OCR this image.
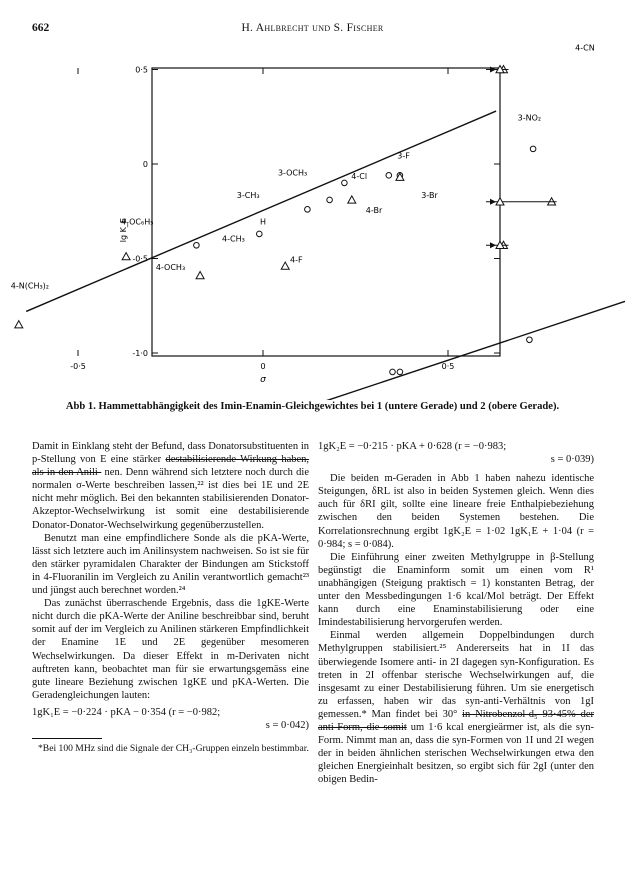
662	H. Ahlbrecht und S. Fischer
-0·5	0	0·5
0·5
0
-0·5
-1·0
σ
lg K_E
4-CN
3-NO₂
3-F
3-OCH₃	4-Cl
3-CH₃	3-Br
4-Br
4-OC₆H₅	H
4-CH₃
4-F
4-OCH₃
4-N(CH₃)₂
Abb 1. Hammettabhängigkeit des Imin-Enamin-Gleichgewichtes bei 1 (untere Gerade) und 2 (obere Gerade).

Damit in Einklang steht der Befund, dass Donatorsubstituenten in p-Stellung von E eine stärker destabilisierende Wirkung haben, als in den Anili- nen. Denn während sich letztere noch durch die normalen σ-Werte beschreiben lassen,²² ist dies bei 1E und 2E nicht mehr möglich. Bei den bekannten stabilisierenden Donator-Akzeptor-Wechselwirkung ist somit eine destabilisierende Donator-Donator-Wechselwirkung gegenüberzustellen.

Benutzt man eine empfindlichere Sonde als die pKA-Werte, lässt sich letztere auch im Anilinsystem nachweisen. So ist sie für den stärker pyramidalen Charakter der Bindungen am Stickstoff in 4-Fluoranilin im Vergleich zu Anilin verantwortlich gemacht²³ und jüngst auch berechnet worden.²⁴

Das zunächst überraschende Ergebnis, dass die 1gKE-Werte nicht durch die pKA-Werte der Aniline beschreibbar sind, beruht somit auf der im Vergleich zu Anilinen stärkeren Empfindlichkeit der Enamine 1E und 2E gegenüber mesomeren Wechselwirkungen. Da dieser Effekt in m-Derivaten nicht auftreten kann, beobachtet man für sie erwartungsgemäss eine gute lineare Beziehung zwischen 1gKE und pKA-Werten. Die Geradengleichungen lauten:

1gK₁E = −0·224 · pKA − 0·354 (r = −0·982;
s = 0·042)
*Bei 100 MHz sind die Signale der CH₃-Gruppen einzeln bestimmbar.
1gK₂E = −0·215 · pKA + 0·628 (r = −0·983;
s = 0·039)

Die beiden m-Geraden in Abb 1 haben nahezu identische Steigungen, δRL ist also in beiden Systemen gleich. Wenn dies auch für δRI gilt, sollte eine lineare freie Enthalpiebeziehung zwischen den beiden Systemen bestehen. Die Korrelationsrechnung ergibt 1gK₂E = 1·02 1gK₁E + 1·04 (r = 0·984; s = 0·084).

Die Einführung einer zweiten Methylgruppe in β-Stellung begünstigt die Enaminform somit um einen vom R¹ unabhängigen (Steigung praktisch = 1) konstanten Betrag, der unter den Messbedingungen 1·6 kcal/Mol beträgt. Der Effekt kann durch eine Enaminstabilisierung oder eine Imindestabilisierung hervorgerufen werden.

Einmal werden allgemein Doppelbindungen durch Methylgruppen stabilisiert.²⁵ Andererseits hat in 1I das überwiegende Isomere anti- in 2I dagegen syn-Konfiguration. Es treten in 2I offenbar sterische Wechselwirkungen auf, die insgesamt zu einer Destabilisierung führen. Um sie energetisch zu erfassen, haben wir das syn-anti-Verhältnis von 1gI gemessen.* Man findet bei 30° in Nitrobenzol-d₅ 93·45% der anti-Form, die somit um 1·6 kcal energieärmer ist, als die syn-Form. Nimmt man an, dass die syn-Formen von 1I und 2I wegen der in beiden ähnlichen sterischen Wechselwirkungen etwa den gleichen Energieinhalt besitzen, so ergibt sich für 2gI (unter den obigen Bedin-
